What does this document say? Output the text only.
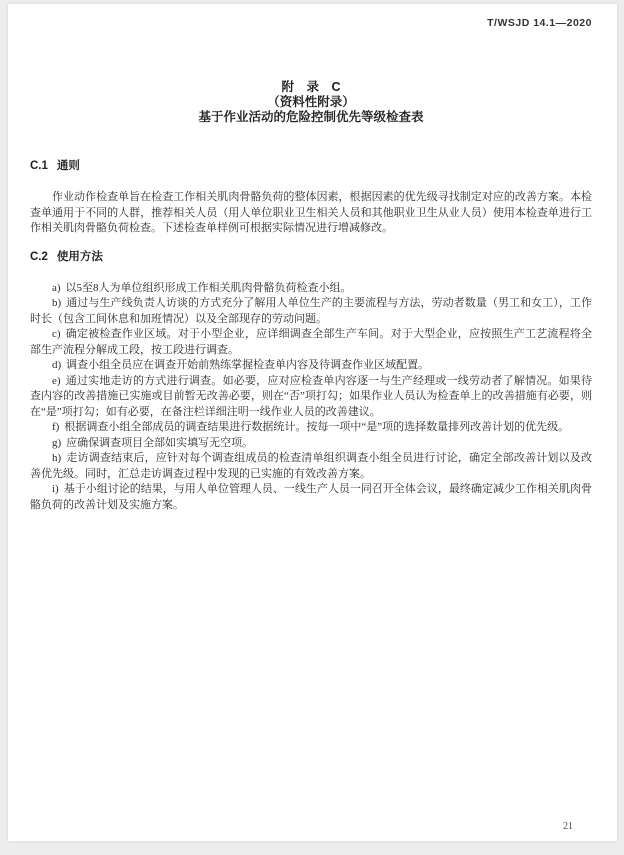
T/WSJD 14.1—2020

附　录　C

（资料性附录）

基于作业活动的危险控制优先等级检查表

C.1 通则

作业动作检查单旨在检查工作相关肌肉骨骼负荷的整体因素，根据因素的优先级寻找制定对应的改善方案。本检查单通用于不同的人群，推荐相关人员（用人单位职业卫生相关人员和其他职业卫生从业人员）使用本检查单进行工作相关肌肉骨骼负荷检查。下述检查单样例可根据实际情况进行增减修改。

C.2 使用方法

a) 以5至8人为单位组织形成工作相关肌肉骨骼负荷检查小组。

b) 通过与生产线负责人访谈的方式充分了解用人单位生产的主要流程与方法，劳动者数量（男工和女工），工作时长（包含工间休息和加班情况）以及全部现存的劳动问题。

c) 确定被检查作业区域。对于小型企业，应详细调查全部生产车间。对于大型企业，应按照生产工艺流程将全部生产流程分解成工段，按工段进行调查。

d) 调查小组全员应在调查开始前熟练掌握检查单内容及待调查作业区域配置。

e) 通过实地走访的方式进行调查。如必要，应对应检查单内容逐一与生产经理或一线劳动者了解情况。如果待查内容的改善措施已实施或目前暂无改善必要，则在“否”项打勾；如果作业人员认为检查单上的改善措施有必要，则在“是”项打勾；如有必要，在备注栏详细注明一线作业人员的改善建议。

f) 根据调查小组全部成员的调查结果进行数据统计。按每一项中“是”项的选择数量排列改善计划的优先级。

g) 应确保调查项目全部如实填写无空项。

h) 走访调查结束后，应针对每个调查组成员的检查清单组织调查小组全员进行讨论，确定全部改善计划以及改善优先级。同时，汇总走访调查过程中发现的已实施的有效改善方案。

i) 基于小组讨论的结果，与用人单位管理人员、一线生产人员一同召开全体会议，最终确定减少工作相关肌肉骨骼负荷的改善计划及实施方案。

21
